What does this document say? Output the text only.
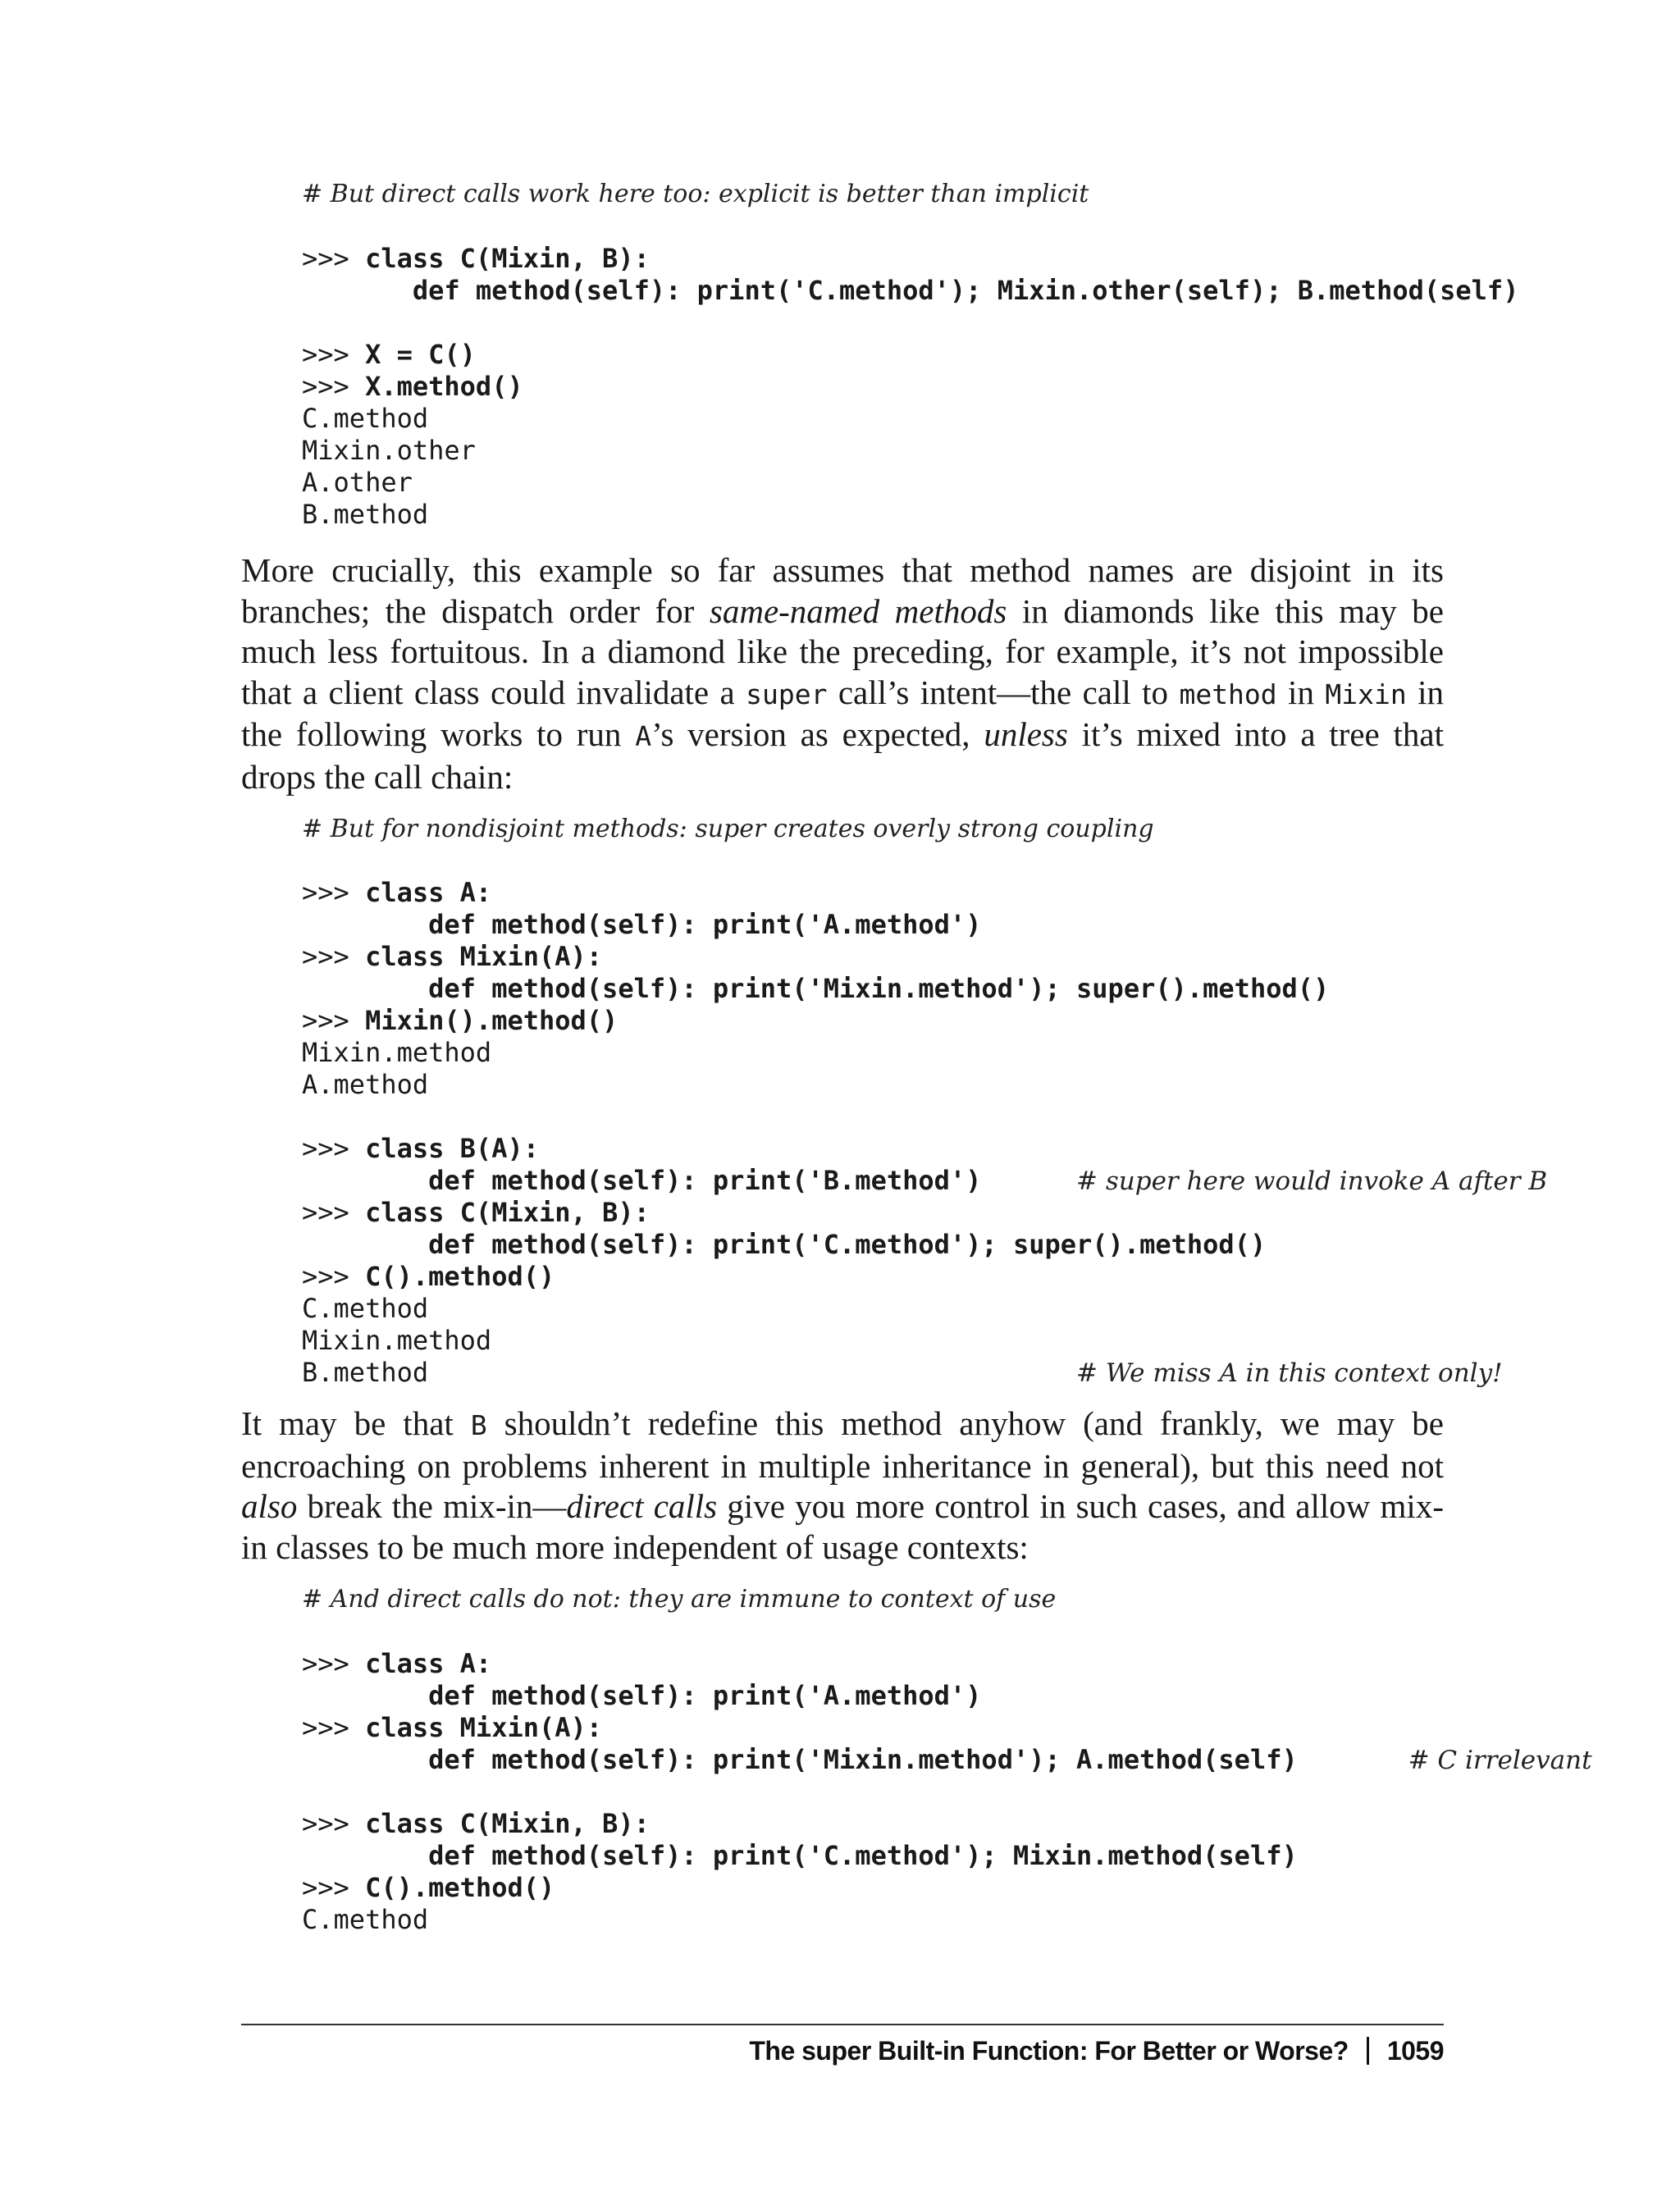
# But direct calls work here too: explicit is better than implicit
>>> class C(Mixin, B):
def method(self): print('C.method'); Mixin.other(self); B.method(self)
>>> X = C()
>>> X.method()
C.method
Mixin.other
A.other
B.method

More crucially, this example so far assumes that method names are disjoint in its branches; the dispatch order for same-named methods in diamonds like this may be much less fortuitous. In a diamond like the preceding, for example, it’s not impossible that a client class could invalidate a super call’s intent—the call to method in Mixin in the following works to run A’s version as expected, unless it’s mixed into a tree that drops the call chain:

# But for nondisjoint methods: super creates overly strong coupling
>>> class A:
def method(self): print('A.method')
>>> class Mixin(A):
def method(self): print('Mixin.method'); super().method()
>>> Mixin().method()
Mixin.method
A.method
>>> class B(A):
def method(self): print('B.method')      # super here would invoke A after B
>>> class C(Mixin, B):
def method(self): print('C.method'); super().method()
>>> C().method()
C.method
Mixin.method
B.method                                         # We miss A in this context only!

It may be that B shouldn’t redefine this method anyhow (and frankly, we may be encroaching on problems inherent in multiple inheritance in general), but this need not also break the mix-in—direct calls give you more control in such cases, and allow mix-in classes to be much more independent of usage contexts:

# And direct calls do not: they are immune to context of use
>>> class A:
def method(self): print('A.method')
>>> class Mixin(A):
def method(self): print('Mixin.method'); A.method(self)       # C irrelevant
>>> class C(Mixin, B):
def method(self): print('C.method'); Mixin.method(self)
>>> C().method()
C.method
The super Built-in Function: For Better or Worse? 1059
